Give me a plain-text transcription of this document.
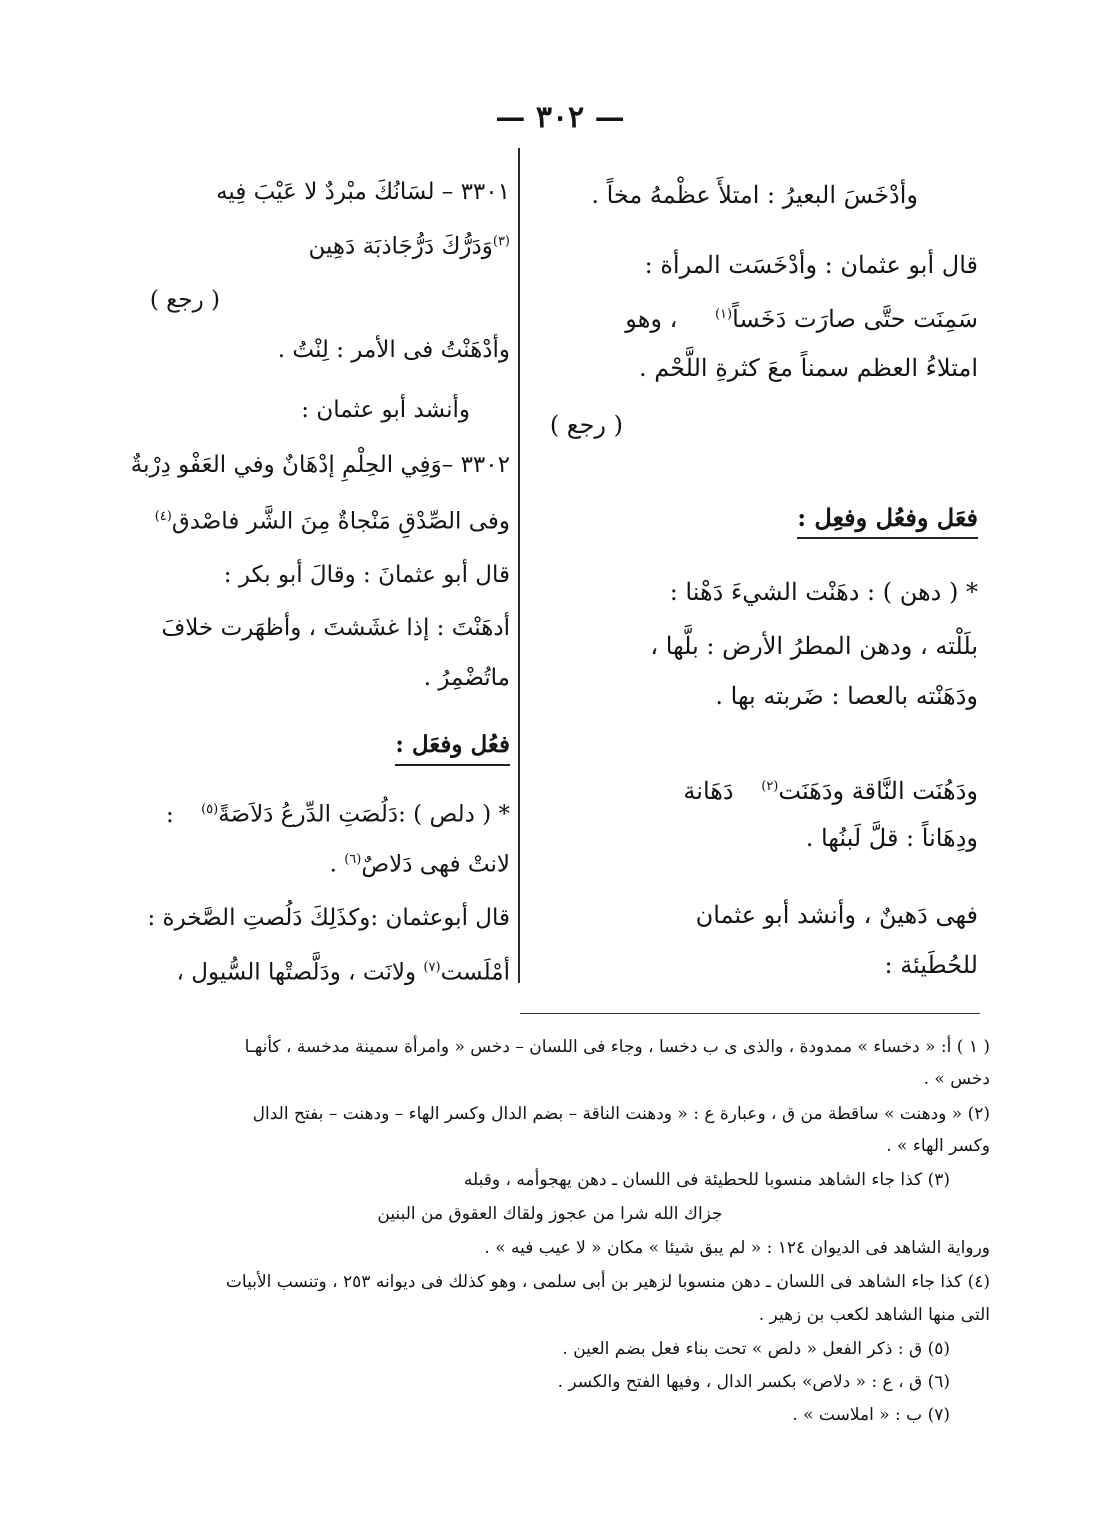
— ٣٠٢ —
وأدْخَسَ البعيرُ : امتلأَ عظْمهُ مخاً .
قال أبو عثمان : وأدْخَسَت المرأة :
سَمِنَت حتَّى صارَت دَخَساً$^{(١)}$ ، وهو
امتلاءُ العظم سمناً معَ كثرةِ اللَّحْم .
( رجع )
فعَل وفعُل وفعِل :
* ( دهن ) : دهَنْت الشيءَ دَهْنا :
بلَلْته ، ودهن المطرُ الأرض : بلَّها ،
ودَهَنْته بالعصا : ضَربته بها .
ودَهُنَت النَّاقة ودَهَنَت$^{(٢)}$ دَهَانة
ودِهَاناً : قلَّ لَبنُها .
فهى دَهينٌ ، وأنشد أبو عثمان
للحُطَيئة :
٣٣٠١ – لسَانُكَ مبْردٌ لا عَيْبَ فِيه
$^{(٣)}$وَدَرُّكَ دَرُّجَاذبَة دَهِين
( رجع )
وأدْهَنْتُ فى الأمر : لِنْتُ .
وأنشد أبو عثمان :
٣٣٠٢ –وَفِي الحِلْمِ إدْهَانٌ وفي العَفْو دِرْبةٌ
وفى الصِّدْقِ مَنْجاةٌ مِنَ الشَّر فاصْدق$^{(٤)}$
قال أبو عثمانَ : وقالَ أبو بكر :
أدهَنْتَ : إذا غشَشتَ ، وأظهَرت خلافَ
ماتُضْمِرُ .
فعُل وفعَل :
* ( دلص ) :دَلُصَتِ الدِّرعُ دَلاَصَةً$^{(٥)}$ :
لانتْ فهى دَلاصٌ$^{(٦)}$ .
قال أبوعثمان :وكذَلِكَ دَلُصتِ الصَّخرة :
أمْلَست$^{(٧)}$ ولانَت ، ودَلَّصتْها السُّيول ،
( ١ ) أ: « دخساء » ممدودة ، والذى ى ب دخسا ، وجاء فى اللسان – دخس « وامرأة سمينة مدخسة ، كأنهـا
دخس » .
(٢) « ودهنت » ساقطة من ق ، وعبارة ع : « ودهنت الناقة – بضم الدال وكسر الهاء – ودهنت – بفتح الدال
وكسر الهاء » .
(٣) كذا جاء الشاهد منسوبا للحطيئة فى اللسان ـ دهن يهجوأمه ، وقبله
جزاك الله شرا من عجوز ولقاك العقوق من البنين
ورواية الشاهد فى الديوان ١٢٤ : « لم يبق شيئا » مكان « لا عيب فيه » .
(٤) كذا جاء الشاهد فى اللسان ـ دهن منسوبا لزهير بن أبى سلمى ، وهو كذلك فى ديوانه ٢٥٣ ، وتنسب الأبيات
التى منها الشاهد لكعب بن زهير .
(٥) ق : ذكر الفعل « دلص » تحت بناء فعل بضم العين .
(٦) ق ، ع : « دلاص» بكسر الدال ، وفيها الفتح والكسر .
(٧) ب : « املاست » .
